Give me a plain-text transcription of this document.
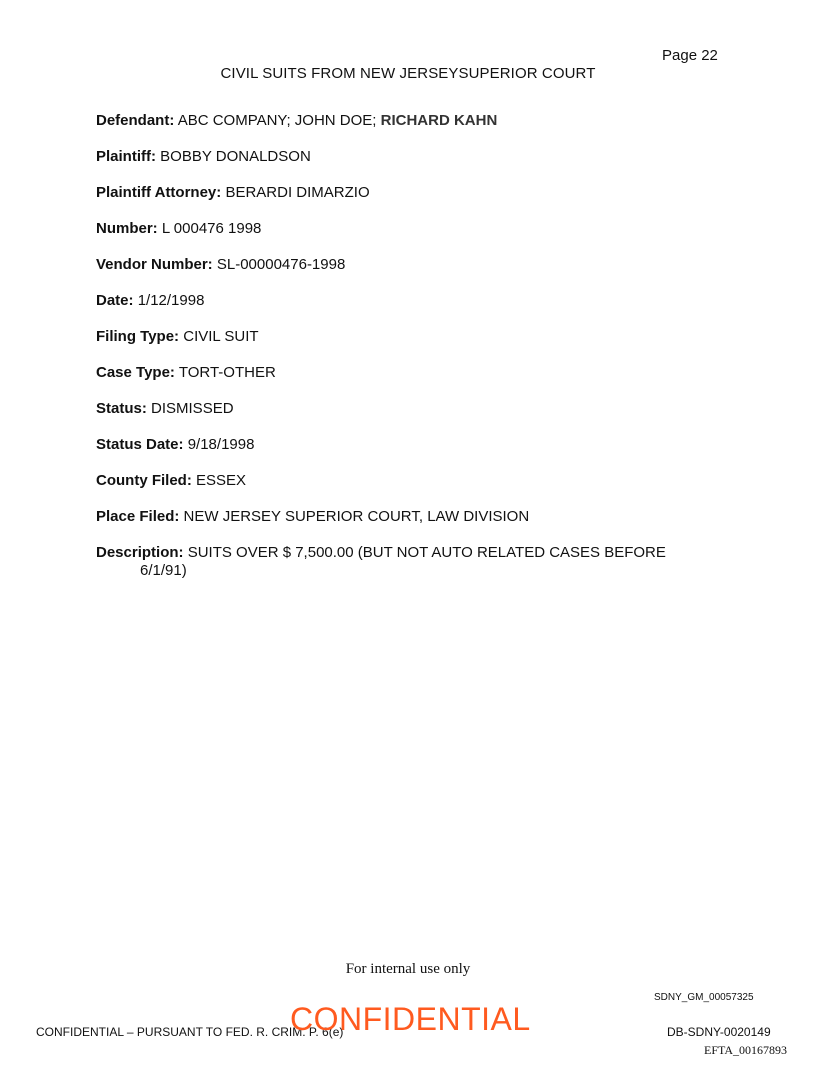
Page 22
CIVIL SUITS FROM NEW JERSEYSUPERIOR COURT
Defendant: ABC COMPANY; JOHN DOE; RICHARD KAHN
Plaintiff: BOBBY DONALDSON
Plaintiff Attorney: BERARDI DIMARZIO
Number: L 000476 1998
Vendor Number: SL-00000476-1998
Date: 1/12/1998
Filing Type: CIVIL SUIT
Case Type: TORT-OTHER
Status: DISMISSED
Status Date: 9/18/1998
County Filed: ESSEX
Place Filed: NEW JERSEY SUPERIOR COURT, LAW DIVISION
Description: SUITS OVER $ 7,500.00 (BUT NOT AUTO RELATED CASES BEFORE
6/1/91)
For internal use only
SDNY_GM_00057325
CONFIDENTIAL – PURSUANT TO FED. R. CRIM. P. 6(e)
CONFIDENTIAL	DB-SDNY-0020149
EFTA_00167893
